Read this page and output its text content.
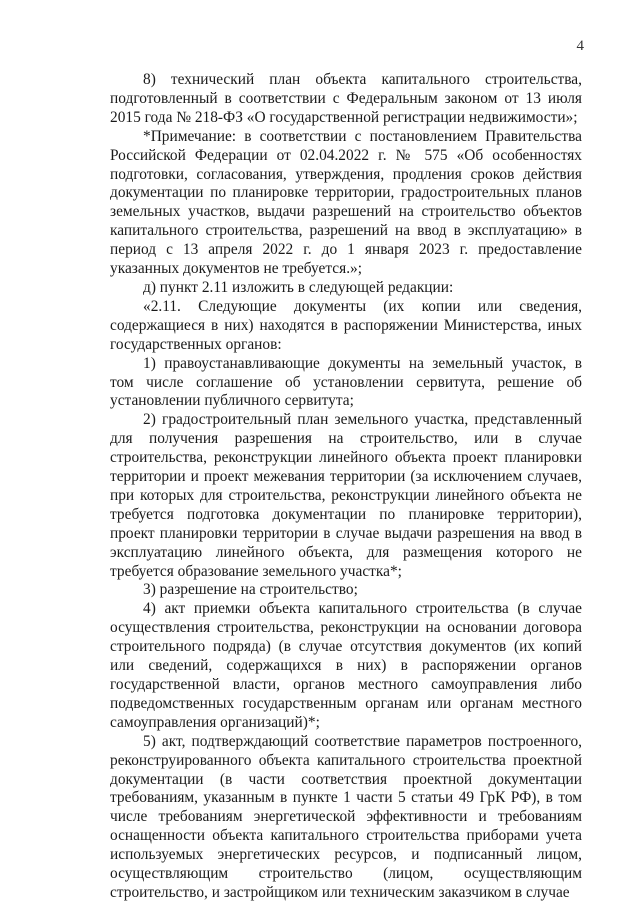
4

8) технический план объекта капитального строительства, подготовленный в соответствии с Федеральным законом от 13 июля 2015 года № 218-ФЗ «О государственной регистрации недвижимости»;

*Примечание: в соответствии с постановлением Правительства Российской Федерации от 02.04.2022 г. № 575 «Об особенностях подготовки, согласования, утверждения, продления сроков действия документации по планировке территории, градостроительных планов земельных участков, выдачи разрешений на строительство объектов капитального строительства, разрешений на ввод в эксплуатацию» в период с 13 апреля 2022 г. до 1 января 2023 г. предоставление указанных документов не требуется.»;

д) пункт 2.11 изложить в следующей редакции:

«2.11. Следующие документы (их копии или сведения, содержащиеся в них) находятся в распоряжении Министерства, иных государственных органов:

1) правоустанавливающие документы на земельный участок, в том числе соглашение об установлении сервитута, решение об установлении публичного сервитута;

2) градостроительный план земельного участка, представленный для получения разрешения на строительство, или в случае строительства, реконструкции линейного объекта проект планировки территории и проект межевания территории (за исключением случаев, при которых для строительства, реконструкции линейного объекта не требуется подготовка документации по планировке территории), проект планировки территории в случае выдачи разрешения на ввод в эксплуатацию линейного объекта, для размещения которого не требуется образование земельного участка*;

3) разрешение на строительство;

4) акт приемки объекта капитального строительства (в случае осуществления строительства, реконструкции на основании договора строительного подряда) (в случае отсутствия документов (их копий или сведений, содержащихся в них) в распоряжении органов государственной власти, органов местного самоуправления либо подведомственных государственным органам или органам местного самоуправления организаций)*;

5) акт, подтверждающий соответствие параметров построенного, реконструированного объекта капитального строительства проектной документации (в части соответствия проектной документации требованиям, указанным в пункте 1 части 5 статьи 49 ГрК РФ), в том числе требованиям энергетической эффективности и требованиям оснащенности объекта капитального строительства приборами учета используемых энергетических ресурсов, и подписанный лицом, осуществляющим строительство (лицом, осуществляющим строительство, и застройщиком или техническим заказчиком в случае
